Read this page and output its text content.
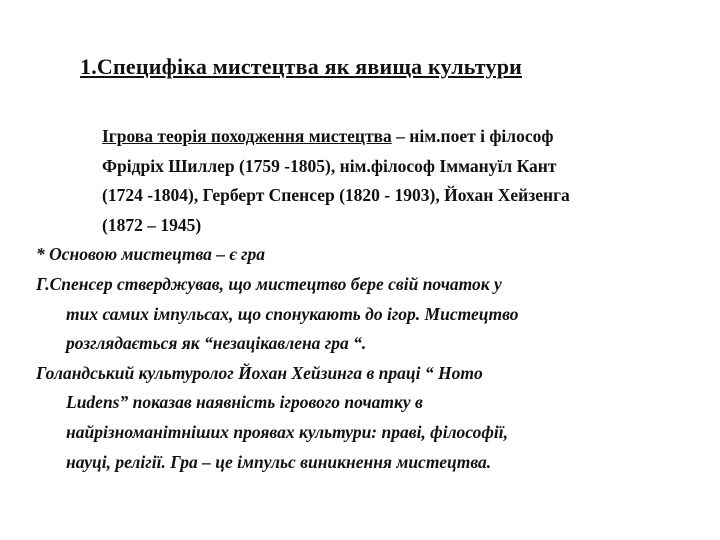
1.Специфіка мистецтва як явища культури
Ігрова теорія походження мистецтва – нім.поет і філософ
Фрідріх Шиллер (1759 -1805), нім.філософ Іммануїл Кант
(1724 -1804), Герберт Спенсер (1820 - 1903), Йохан Хейзенга
(1872 – 1945)
* Основою мистецтва – є гра
Г.Спенсер стверджував, що мистецтво бере свій початок у
тих самих імпульсах, що спонукають до ігор. Мистецтво
розглядається як “незацікавлена гра “.
Голандський культуролог Йохан Хейзинга в праці “ Homo
Ludens” показав наявність ігрового початку в
найрізноманітніших проявах культури: праві, філософії,
науці, релігії. Гра – це імпульс виникнення мистецтва.
